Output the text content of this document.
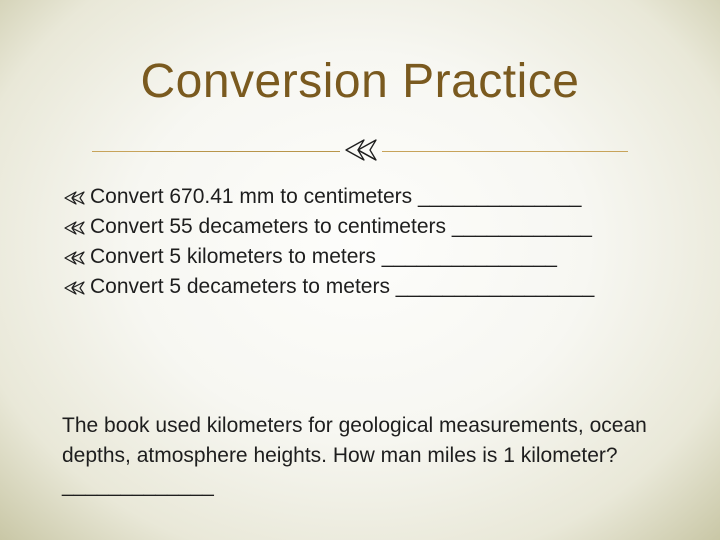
Conversion Practice
Convert 670.41 mm to centimeters ______________
Convert 55 decameters to centimeters ____________
Convert 5 kilometers to meters _______________
Convert 5 decameters to meters _________________
The book used kilometers for geological measurements, ocean depths, atmosphere heights. How man miles is 1 kilometer? _____________
